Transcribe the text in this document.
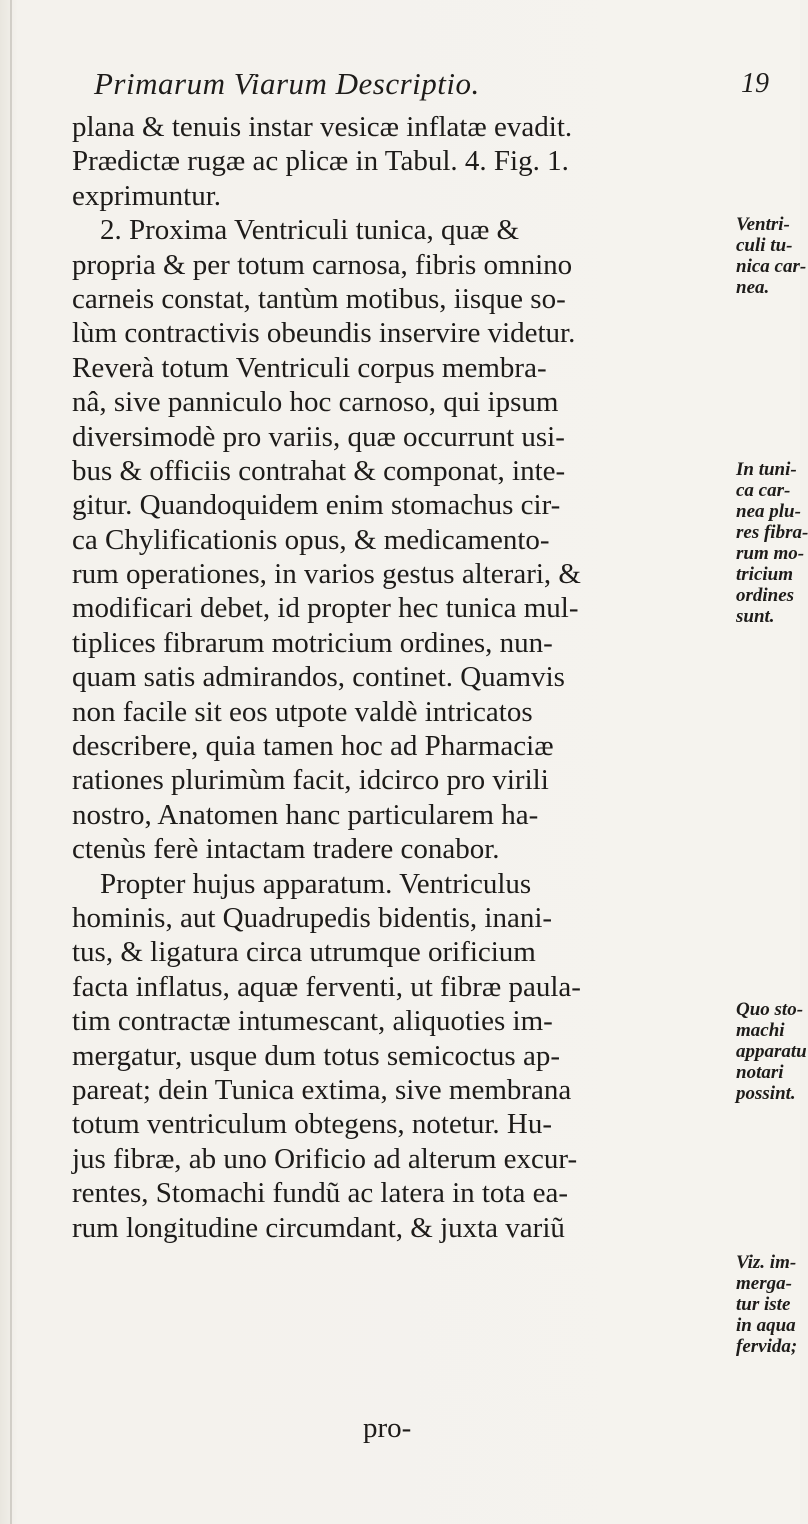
Primarum Viarum Descriptio.	19
plana & tenuis instar vesicæ inflatæ evadit.
Prædictæ rugæ ac plicæ in Tabul. 4. Fig. 1.
exprimuntur.
2. Proxima Ventriculi tunica, quæ &
propria & per totum carnosa, fibris omnino
carneis constat, tantùm motibus, iisque so-
lùm contractivis obeundis inservire videtur.
Reverà totum Ventriculi corpus membra-
nâ, sive panniculo hoc carnoso, qui ipsum
diversimodè pro variis, quæ occurrunt usi-
bus & officiis contrahat & componat, inte-
gitur. Quandoquidem enim stomachus cir-
ca Chylificationis opus, & medicamento-
rum operationes, in varios gestus alterari, &
modificari debet, id propter hec tunica mul-
tiplices fibrarum motricium ordines, nun-
quam satis admirandos, continet. Quamvis
non facile sit eos utpote valdè intricatos
describere, quia tamen hoc ad Pharmaciæ
rationes plurimùm facit, idcirco pro virili
nostro, Anatomen hanc particularem ha-
ctenùs ferè intactam tradere conabor.
Propter hujus apparatum. Ventriculus
hominis, aut Quadrupedis bidentis, inani-
tus, & ligatura circa utrumque orificium
facta inflatus, aquæ ferventi, ut fibræ paula-
tim contractæ intumescant, aliquoties im-
mergatur, usque dum totus semicoctus ap-
pareat; dein Tunica extima, sive membrana
totum ventriculum obtegens, notetur. Hu-
jus fibræ, ab uno Orificio ad alterum excur-
rentes, Stomachi fundũ ac latera in tota ea-
rum longitudine circumdant, & juxta variũ
Ventri-
culi tu-
nica car-
nea.
In tuni-
ca car-
nea plu-
res fibra-
rum mo-
tricium
ordines
sunt.
Quo sto-
machi
apparatu
notari
possint.
Viz. im-
merga-
tur iste
in aqua
fervida;
pro-
